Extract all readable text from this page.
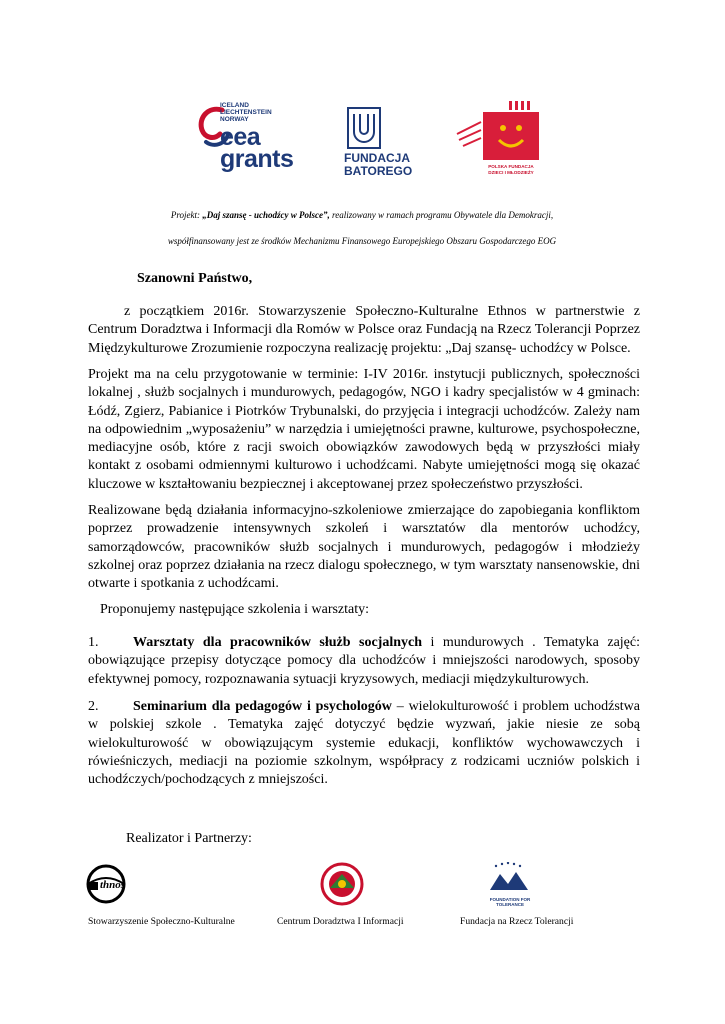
ICELAND
LIECHTENSTEIN
NORWAY
eea
grants	FUNDACJA
BATOREGO	POLSKA FUNDACJA
DZIECI I MŁODZIEŻY
Projekt: „Daj szansę - uchodźcy w Polsce”, realizowany w ramach programu Obywatele dla Demokracji,
współfinansowany jest ze środków Mechanizmu Finansowego Europejskiego Obszaru Gospodarczego EOG
Szanowni Państwo,
z początkiem 2016r. Stowarzyszenie Społeczno-Kulturalne Ethnos w partnerstwie z Centrum Doradztwa i Informacji dla Romów w Polsce oraz Fundacją na Rzecz Tolerancji Poprzez Międzykulturowe Zrozumienie rozpoczyna realizację projektu: „Daj szansę- uchodźcy w Polsce.
Projekt ma na celu przygotowanie w terminie: I-IV 2016r. instytucji publicznych, społeczności lokalnej , służb socjalnych i mundurowych, pedagogów, NGO i kadry specjalistów w 4 gminach: Łódź, Zgierz, Pabianice i Piotrków Trybunalski, do przyjęcia i integracji uchodźców. Zależy nam na odpowiednim „wyposażeniu” w narzędzia i umiejętności prawne, kulturowe, psychospołeczne, mediacyjne osób, które z racji swoich obowiązków zawodowych będą w przyszłości miały kontakt z osobami odmiennymi kulturowo i uchodźcami. Nabyte umiejętności mogą się okazać kluczowe w kształtowaniu bezpiecznej i akceptowanej przez społeczeństwo przyszłości.
Realizowane będą działania informacyjno-szkoleniowe zmierzające do zapobiegania konfliktom poprzez prowadzenie intensywnych szkoleń i warsztatów dla mentorów uchodźcy, samorządowców, pracowników służb socjalnych i mundurowych, pedagogów i młodzieży szkolnej oraz poprzez działania na rzecz dialogu społecznego, w tym warsztaty nansenowskie, dni otwarte i spotkania z uchodźcami.
Proponujemy następujące szkolenia i warsztaty:
1. Warsztaty dla pracowników służb socjalnych i mundurowych . Tematyka zajęć: obowiązujące przepisy dotyczące pomocy dla uchodźców i mniejszości narodowych, sposoby efektywnej pomocy, rozpoznawania sytuacji kryzysowych, mediacji międzykulturowych.
2. Seminarium dla pedagogów i psychologów – wielokulturowość i problem uchodźstwa w polskiej szkole . Tematyka zajęć dotyczyć będzie wyzwań, jakie niesie ze sobą wielokulturowość w obowiązującym systemie edukacji, konfliktów wychowawczych i rówieśniczych, mediacji na poziomie szkolnym, współpracy z rodzicami uczniów polskich i uchodźczych/pochodzących z mniejszości.
Realizator i Partnerzy:
thnos
FOUNDATION FOR TOLERANCE
Stowarzyszenie Społeczno-Kulturalne	Centrum Doradztwa I Informacji	Fundacja na Rzecz Tolerancji
